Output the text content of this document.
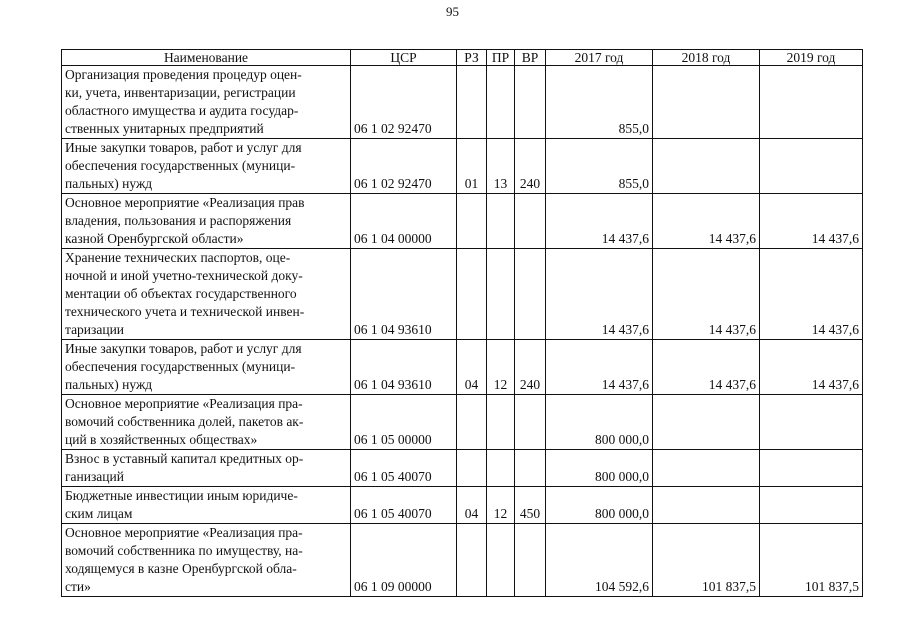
95
Наименование	ЦСР	РЗ	ПР	ВР	2017 год	2018 год	2019 год
Организация проведения процедур оцен-
ки, учета, инвентаризации, регистрации
областного имущества и аудита государ-
ственных унитарных предприятий	06 1 02 92470				855,0		
Иные закупки товаров, работ и услуг для
обеспечения государственных (муници-
пальных) нужд	06 1 02 92470	01	13	240	855,0		
Основное мероприятие «Реализация прав
владения, пользования и распоряжения
казной Оренбургской области»	06 1 04 00000				14 437,6	14 437,6	14 437,6
Хранение технических паспортов, оце-
ночной и иной учетно-технической доку-
ментации об объектах государственного
технического учета и технической инвен-
таризации	06 1 04 93610				14 437,6	14 437,6	14 437,6
Иные закупки товаров, работ и услуг для
обеспечения государственных (муници-
пальных) нужд	06 1 04 93610	04	12	240	14 437,6	14 437,6	14 437,6
Основное мероприятие «Реализация пра-
вомочий собственника долей, пакетов ак-
ций в хозяйственных обществах»	06 1 05 00000				800 000,0		
Взнос в уставный капитал кредитных ор-
ганизаций	06 1 05 40070				800 000,0		
Бюджетные инвестиции иным юридиче-
ским лицам	06 1 05 40070	04	12	450	800 000,0		
Основное мероприятие «Реализация пра-
вомочий собственника по имуществу, на-
ходящемуся в казне Оренбургской обла-
сти»	06 1 09 00000				104 592,6	101 837,5	101 837,5
